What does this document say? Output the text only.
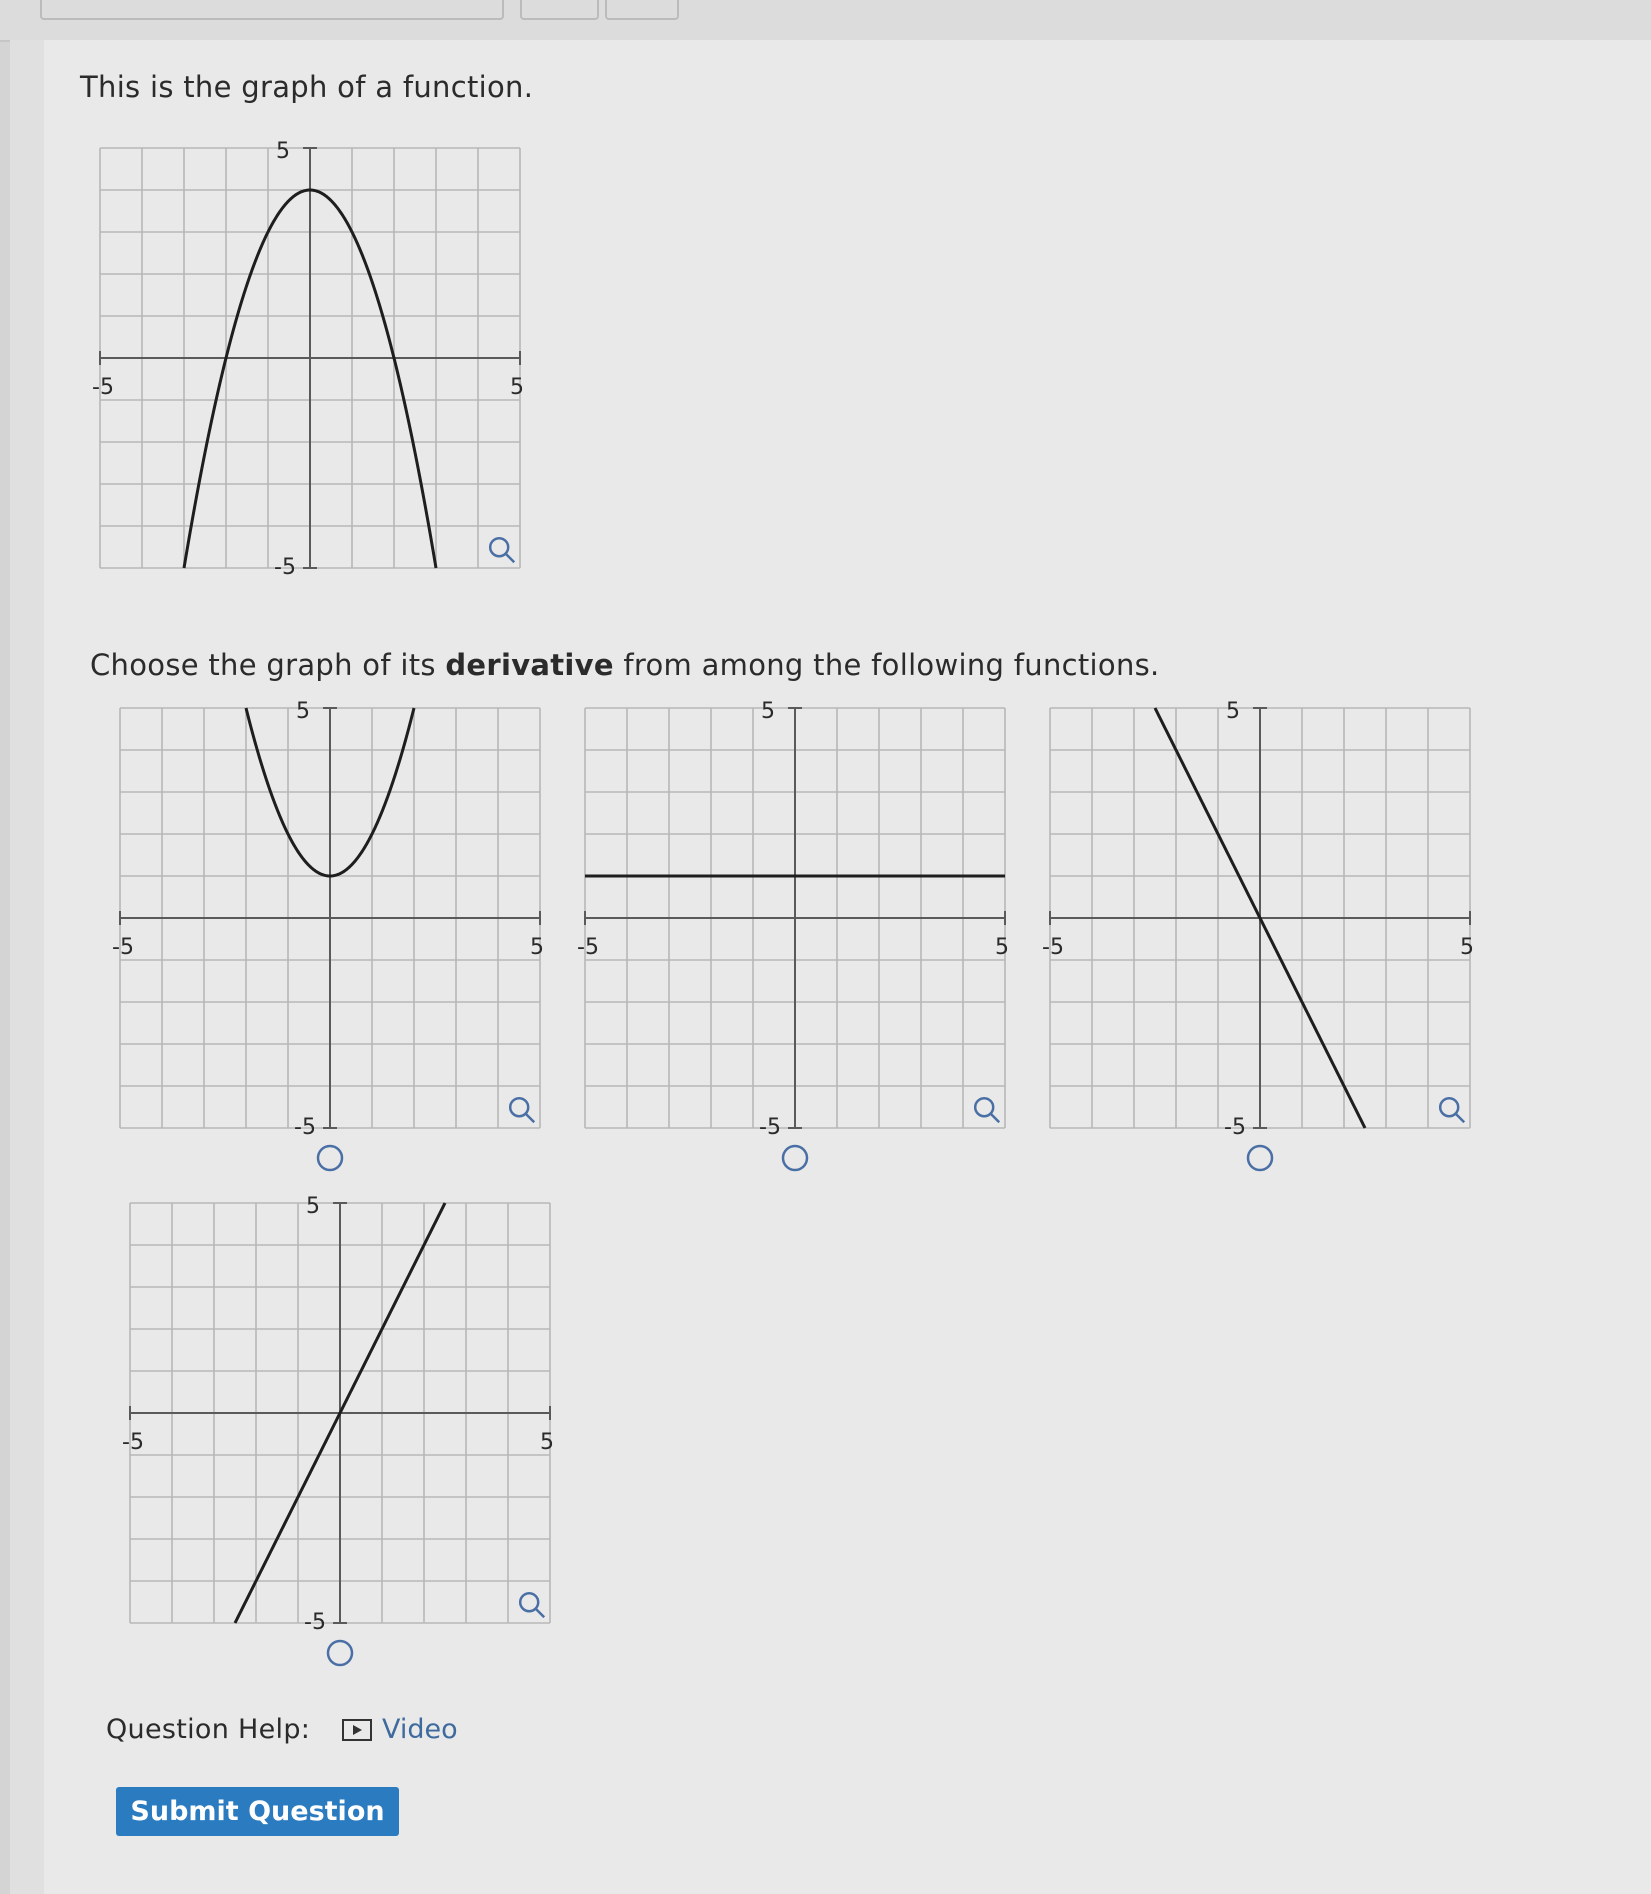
This is the graph of a function.
Choose the graph of its derivative from among the following functions.
-5	5
5
-5
-5	5
5
-5
-5	5
5
-5
-5	5
5
-5
-5	5
5
-5
Question Help:	Video
Submit Question
